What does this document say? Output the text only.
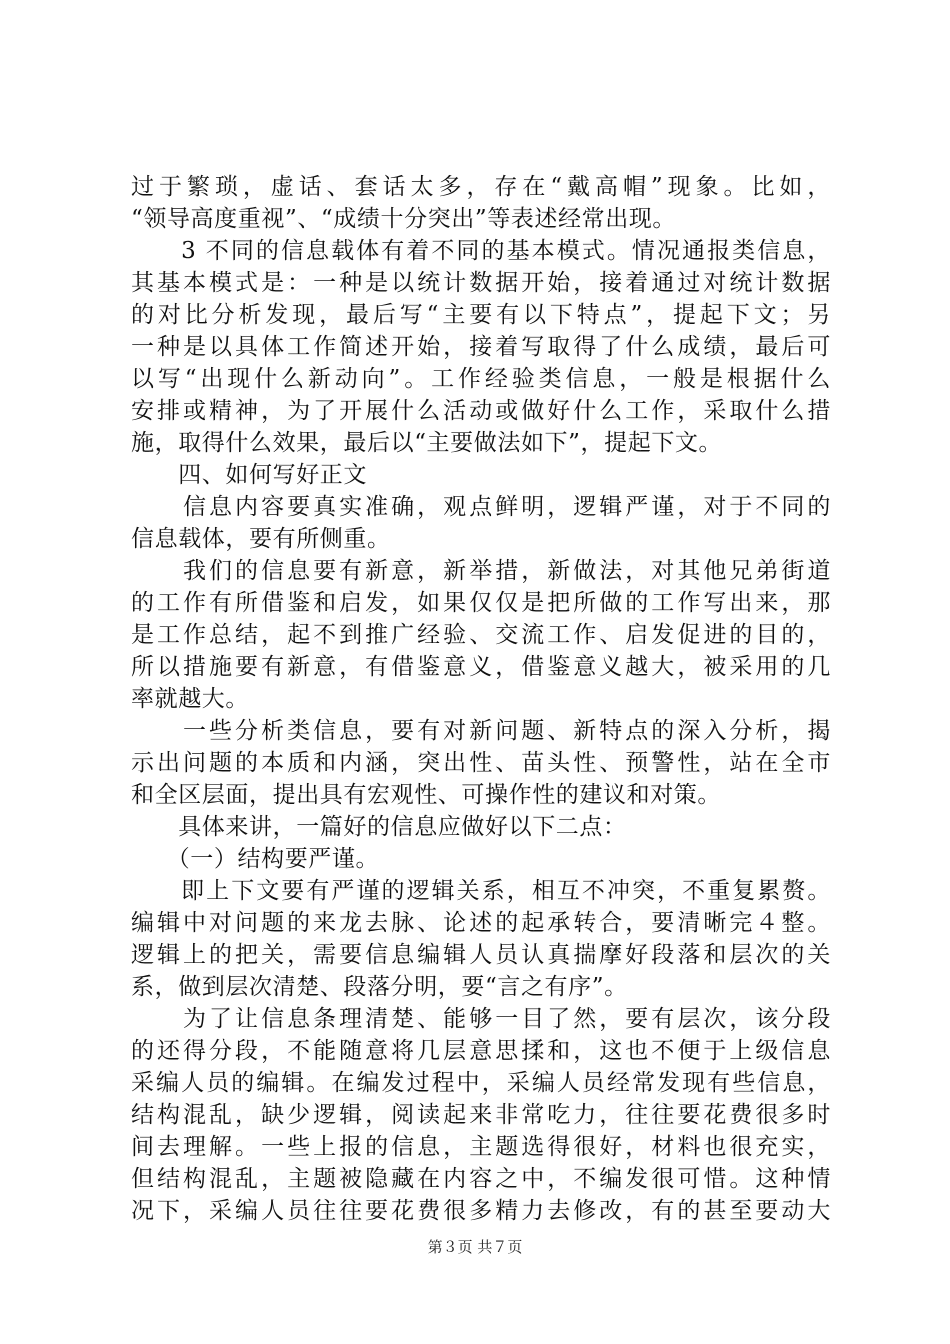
过于繁琐，虚话、套话太多，存在“戴高帽”现象。比如，
“领导高度重视”、“成绩十分突出”等表述经常出现。
　　3 不同的信息载体有着不同的基本模式。情况通报类信息，
其基本模式是：一种是以统计数据开始，接着通过对统计数据
的对比分析发现，最后写“主要有以下特点”，提起下文；另
一种是以具体工作简述开始，接着写取得了什么成绩，最后可
以写“出现什么新动向”。工作经验类信息，一般是根据什么
安排或精神，为了开展什么活动或做好什么工作，采取什么措
施，取得什么效果，最后以“主要做法如下”，提起下文。
　　四、如何写好正文
　　信息内容要真实准确，观点鲜明，逻辑严谨，对于不同的
信息载体，要有所侧重。
　　我们的信息要有新意，新举措，新做法，对其他兄弟街道
的工作有所借鉴和启发，如果仅仅是把所做的工作写出来，那
是工作总结，起不到推广经验、交流工作、启发促进的目的，
所以措施要有新意，有借鉴意义，借鉴意义越大，被采用的几
率就越大。
　　一些分析类信息，要有对新问题、新特点的深入分析，揭
示出问题的本质和内涵，突出性、苗头性、预警性，站在全市
和全区层面，提出具有宏观性、可操作性的建议和对策。
　　具体来讲，一篇好的信息应做好以下二点：
　　（一）结构要严谨。
　　即上下文要有严谨的逻辑关系，相互不冲突，不重复累赘。
编辑中对问题的来龙去脉、论述的起承转合，要清晰完４整。
逻辑上的把关，需要信息编辑人员认真揣摩好段落和层次的关
系，做到层次清楚、段落分明，要“言之有序”。
　　为了让信息条理清楚、能够一目了然，要有层次，该分段
的还得分段，不能随意将几层意思揉和，这也不便于上级信息
采编人员的编辑。在编发过程中，采编人员经常发现有些信息，
结构混乱，缺少逻辑，阅读起来非常吃力，往往要花费很多时
间去理解。一些上报的信息，主题选得很好，材料也很充实，
但结构混乱，主题被隐藏在内容之中，不编发很可惜。这种情
况下，采编人员往往要花费很多精力去修改，有的甚至要动大
第３页 共７页
